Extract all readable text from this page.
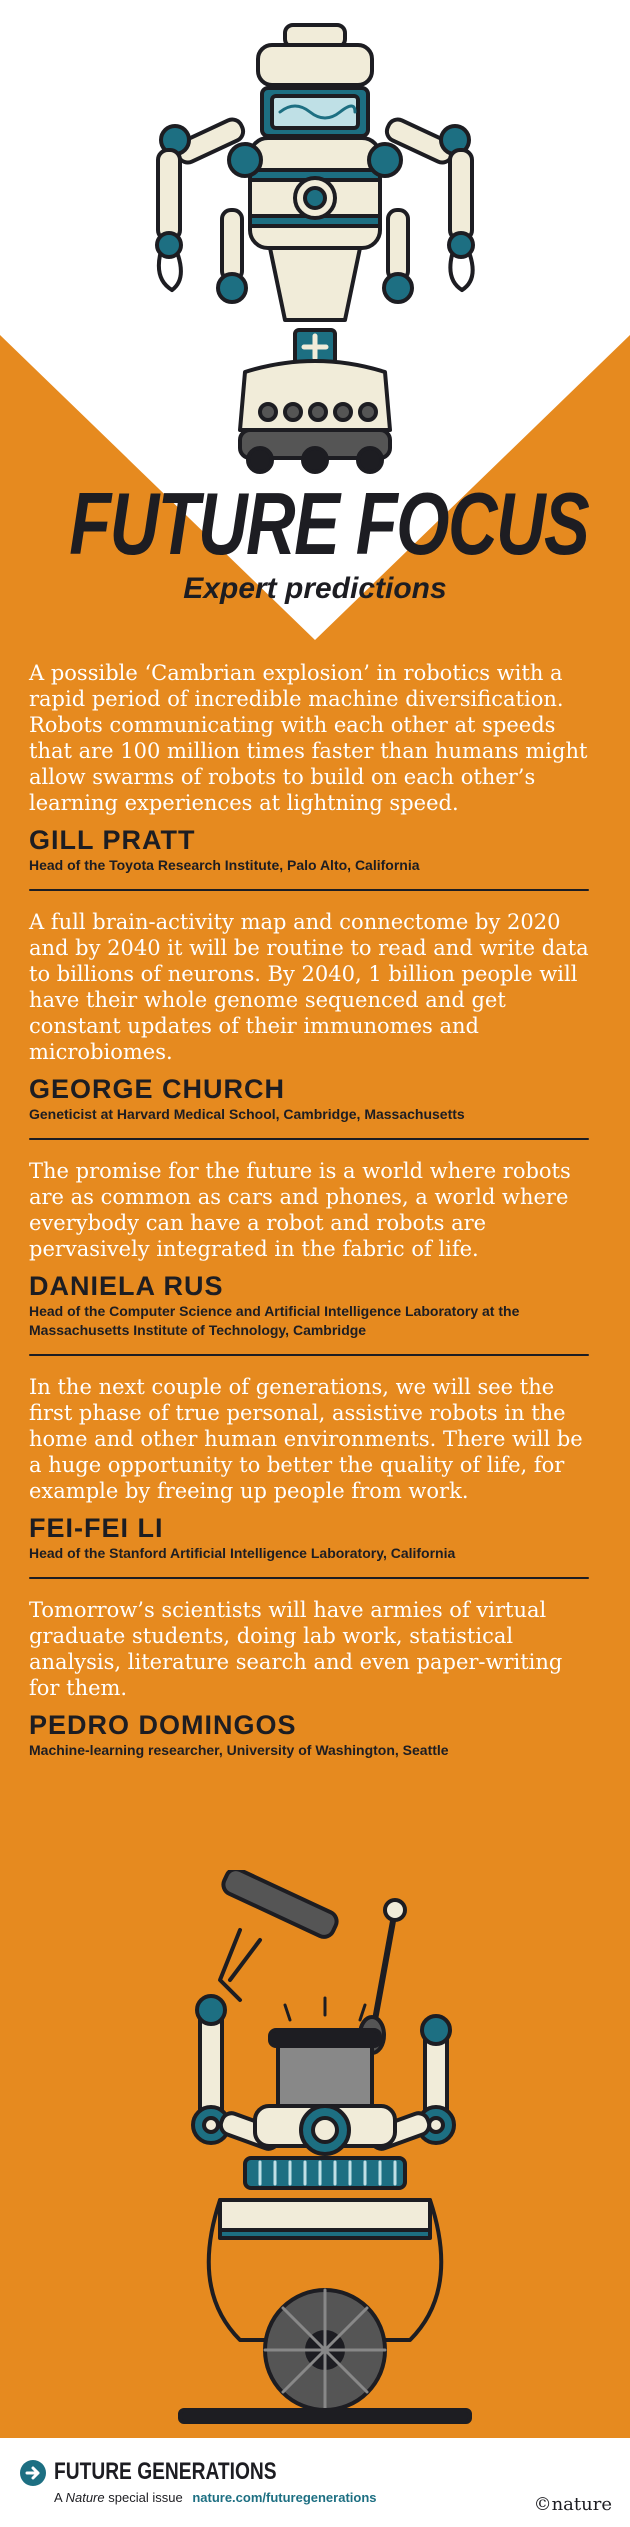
FUTURE FOCUS
Expert predictions

A possible ‘Cambrian explosion’ in robotics with a rapid period of incredible machine diversification. Robots communicating with each other at speeds that are 100 million times faster than humans might allow swarms of robots to build on each other’s learning experiences at lightning speed.

GILL PRATT
Head of the Toyota Research Institute, Palo Alto, California

A full brain-activity map and connectome by 2020 and by 2040 it will be routine to read and write data to billions of neurons. By 2040, 1 billion people will have their whole genome sequenced and get constant updates of their immunomes and microbiomes.

GEORGE CHURCH
Geneticist at Harvard Medical School, Cambridge, Massachusetts

The promise for the future is a world where robots are as common as cars and phones, a world where everybody can have a robot and robots are pervasively integrated in the fabric of life.

DANIELA RUS
Head of the Computer Science and Artificial Intelligence Laboratory at the Massachusetts Institute of Technology, Cambridge

In the next couple of generations, we will see the first phase of true personal, assistive robots in the home and other human environments. There will be a huge opportunity to better the quality of life, for example by freeing up people from work.

FEI-FEI LI
Head of the Stanford Artificial Intelligence Laboratory, California

Tomorrow’s scientists will have armies of virtual graduate students, doing lab work, statistical analysis, literature search and even paper-writing for them.

PEDRO DOMINGOS
Machine-learning researcher, University of Washington, Seattle
FUTURE GENERATIONS
A Nature special issue nature.com/futuregenerations	©nature
